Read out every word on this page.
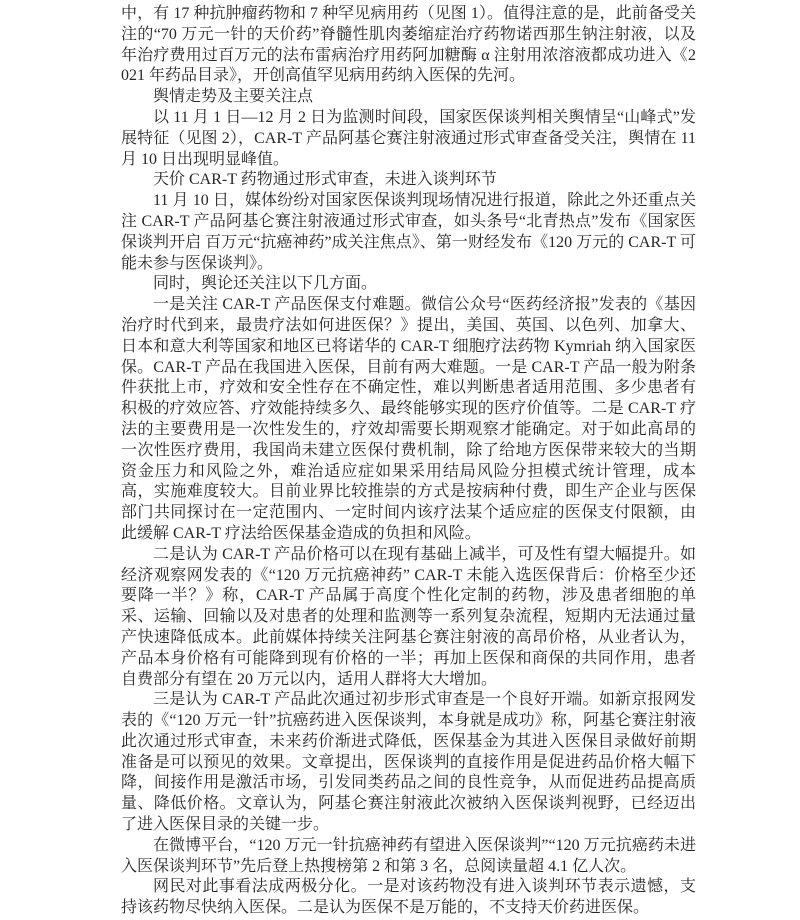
中，有 17 种抗肿瘤药物和 7 种罕见病用药（见图 1）。值得注意的是，此前备受关注的“70 万元一针的天价药”脊髓性肌肉萎缩症治疗药物诺西那生钠注射液，以及年治疗费用过百万元的法布雷病治疗用药阿加糖酶 α 注射用浓溶液都成功进入《2021 年药品目录》，开创高值罕见病用药纳入医保的先河。

舆情走势及主要关注点

以 11 月 1 日—12 月 2 日为监测时间段，国家医保谈判相关舆情呈“山峰式”发展特征（见图 2），CAR-T 产品阿基仑赛注射液通过形式审查备受关注，舆情在 11 月 10 日出现明显峰值。

天价 CAR-T 药物通过形式审查，未进入谈判环节

11 月 10 日，媒体纷纷对国家医保谈判现场情况进行报道，除此之外还重点关注 CAR-T 产品阿基仑赛注射液通过形式审查，如头条号“北青热点”发布《国家医保谈判开启 百万元“抗癌神药”成关注焦点》、第一财经发布《120 万元的 CAR-T 可能未参与医保谈判》。

同时，舆论还关注以下几方面。

一是关注 CAR-T 产品医保支付难题。微信公众号“医药经济报”发表的《基因治疗时代到来，最贵疗法如何进医保？》提出，美国、英国、以色列、加拿大、日本和意大利等国家和地区已将诺华的 CAR-T 细胞疗法药物 Kymriah 纳入国家医保。CAR-T 产品在我国进入医保，目前有两大难题。一是 CAR-T 产品一般为附条件获批上市，疗效和安全性存在不确定性，难以判断患者适用范围、多少患者有积极的疗效应答、疗效能持续多久、最终能够实现的医疗价值等。二是 CAR-T 疗法的主要费用是一次性发生的，疗效却需要长期观察才能确定。对于如此高昂的一次性医疗费用，我国尚未建立医保付费机制，除了给地方医保带来较大的当期资金压力和风险之外，难治适应症如果采用结局风险分担模式统计管理，成本高，实施难度较大。目前业界比较推崇的方式是按病种付费，即生产企业与医保部门共同探讨在一定范围内、一定时间内该疗法某个适应症的医保支付限额，由此缓解 CAR-T 疗法给医保基金造成的负担和风险。

二是认为 CAR-T 产品价格可以在现有基础上减半，可及性有望大幅提升。如经济观察网发表的《“120 万元抗癌神药” CAR-T 未能入选医保背后：价格至少还要降一半？》称，CAR-T 产品属于高度个性化定制的药物，涉及患者细胞的单采、运输、回输以及对患者的处理和监测等一系列复杂流程，短期内无法通过量产快速降低成本。此前媒体持续关注阿基仑赛注射液的高昂价格，从业者认为，产品本身价格有可能降到现有价格的一半；再加上医保和商保的共同作用，患者自费部分有望在 20 万元以内，适用人群将大大增加。

三是认为 CAR-T 产品此次通过初步形式审查是一个良好开端。如新京报网发表的《“120 万元一针”抗癌药进入医保谈判，本身就是成功》称，阿基仑赛注射液此次通过形式审查，未来药价渐进式降低，医保基金为其进入医保目录做好前期准备是可以预见的效果。文章提出，医保谈判的直接作用是促进药品价格大幅下降，间接作用是激活市场，引发同类药品之间的良性竞争，从而促进药品提高质量、降低价格。文章认为，阿基仑赛注射液此次被纳入医保谈判视野，已经迈出了进入医保目录的关键一步。

在微博平台，“120 万元一针抗癌神药有望进入医保谈判”“120 万元抗癌药未进入医保谈判环节”先后登上热搜榜第 2 和第 3 名，总阅读量超 4.1 亿人次。

网民对此事看法成两极分化。一是对该药物没有进入谈判环节表示遗憾，支持该药物尽快纳入医保。二是认为医保不是万能的，不支持天价药进医保。
